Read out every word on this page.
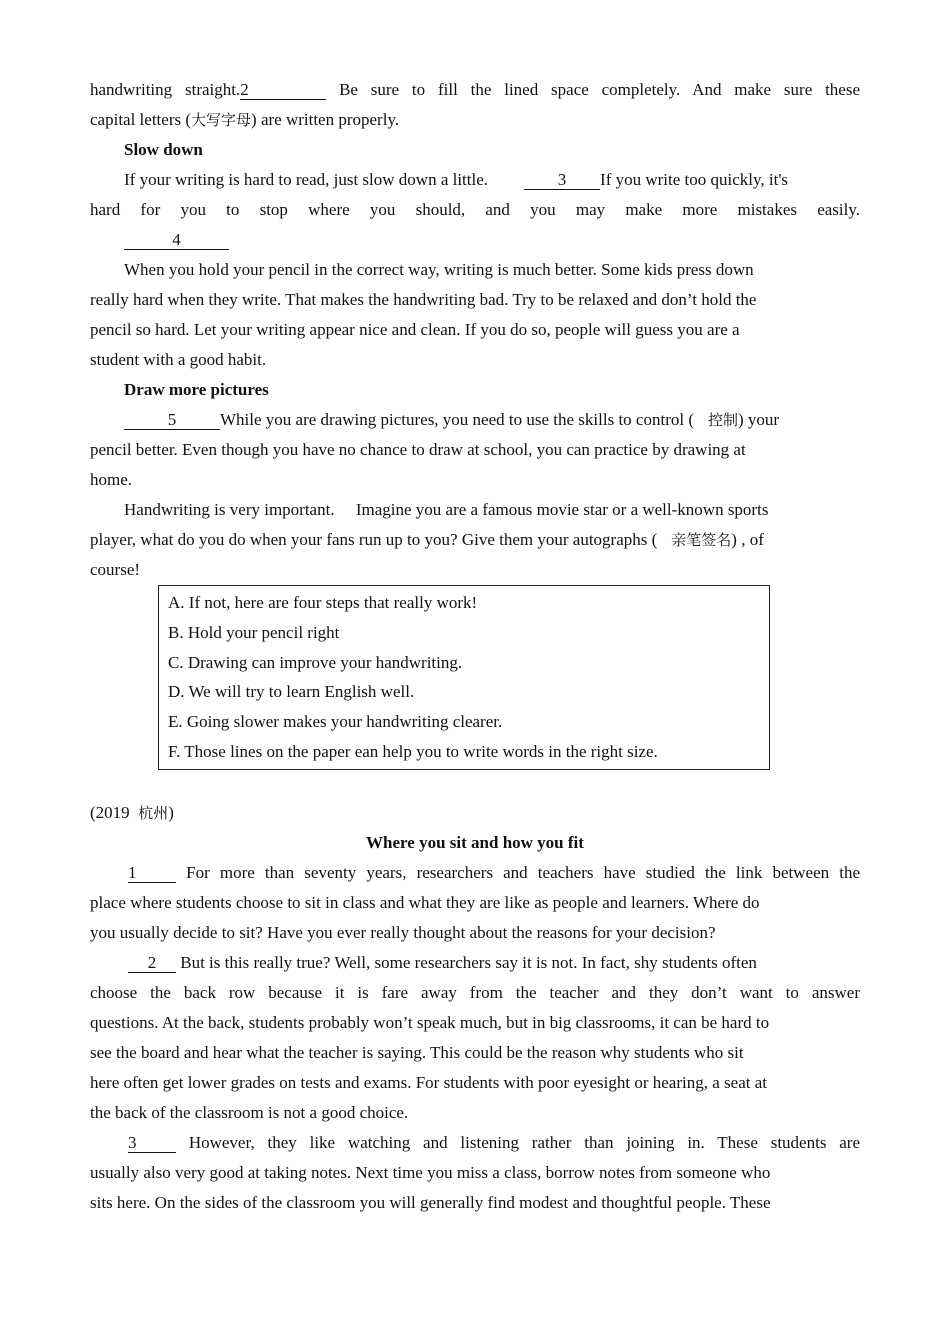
handwriting straight.2	Be sure to fill the lined space completely. And make sure these
capital letters (大写字母) are written properly.
Slow down
If your writing is hard to read, just slow down a little.	3 If you write too quickly, it's
hard for you to stop where you should, and you may make more mistakes easily.
4
When you hold your pencil in the correct way, writing is much better. Some kids press down
really hard when they write. That makes the handwriting bad. Try to be relaxed and don’t hold the
pencil so hard. Let your writing appear nice and clean. If you do so, people will guess you are a
student with a good habit.
Draw more pictures
5	While you are drawing pictures, you need to use the skills to control ( 控制) your
pencil better. Even though you have no chance to draw at school, you can practice by drawing at
home.
Handwriting is very important.     Imagine you are a famous movie star or a well-known sports
player, what do you do when your fans run up to you? Give them your autographs ( 亲笔签名) , of
course!
A. If not, here are four steps that really work!
B. Hold your pencil right
C. Drawing can improve your handwriting.
D. We will try to learn English well.
E. Going slower makes your handwriting clearer.
F. Those lines on the paper ean help you to write words in the right size.
(2019  杭州)
Where you sit and how you fit
1	For more than seventy years, researchers and teachers have studied the link between the
place where students choose to sit in class and what they are like as people and learners. Where do
you usually decide to sit? Have you ever really thought about the reasons for your decision?
2 But is this really true? Well, some researchers say it is not. In fact, shy students often
choose the back row because it is fare away from the teacher and they don’t want to answer
questions. At the back, students probably won’t speak much, but in big classrooms, it can be hard to
see the board and hear what the teacher is saying. This could be the reason why students who sit
here often get lower grades on tests and exams. For students with poor eyesight or hearing, a seat at
the back of the classroom is not a good choice.
3	However, they like watching and listening rather than joining in. These students are
usually also very good at taking notes. Next time you miss a class, borrow notes from someone who
sits here. On the sides of the classroom you will generally find modest and thoughtful people. These
